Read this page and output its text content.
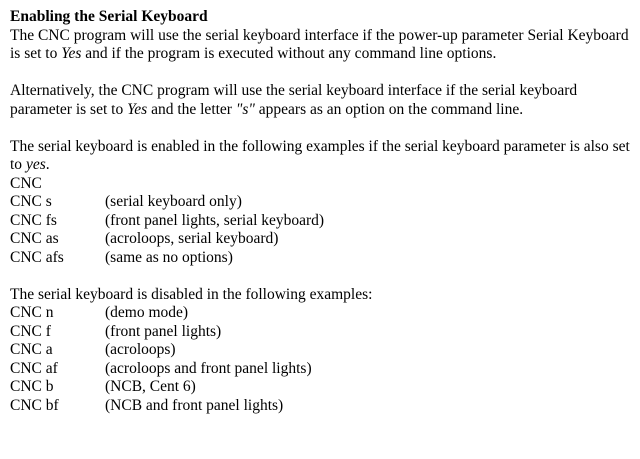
Enabling the Serial Keyboard

The CNC program will use the serial keyboard interface if the power-up parameter Serial Keyboard is set to Yes and if the program is executed without any command line options.

Alternatively, the CNC program will use the serial keyboard interface if the serial keyboard parameter is set to Yes and the letter "s" appears as an option on the command line.

The serial keyboard is enabled in the following examples if the serial keyboard parameter is also set to yes.

CNC	
CNC s	(serial keyboard only)
CNC fs	(front panel lights, serial keyboard)
CNC as	(acroloops, serial keyboard)
CNC afs	(same as no options)

The serial keyboard is disabled in the following examples:

CNC n	(demo mode)
CNC f	(front panel lights)
CNC a	(acroloops)
CNC af	(acroloops and front panel lights)
CNC b	(NCB, Cent 6)
CNC bf	(NCB and front panel lights)
